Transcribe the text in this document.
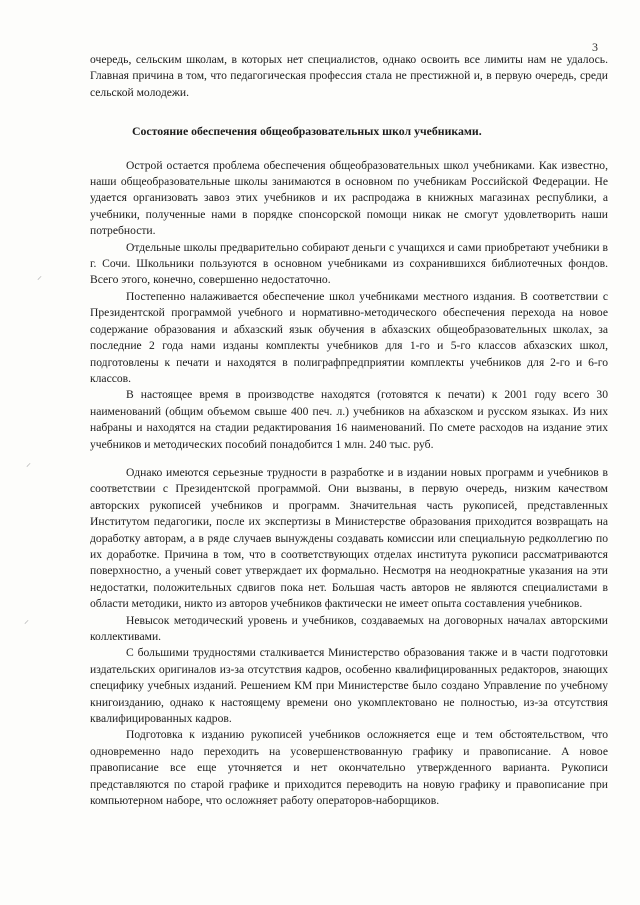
3

очередь, сельским школам, в которых нет специалистов, однако освоить все лимиты нам не удалось. Главная причина в том, что педагогическая профессия стала не престижной и, в первую очередь, среди сельской молодежи.

Состояние обеспечения общеобразовательных школ учебниками.

Острой остается проблема обеспечения общеобразовательных школ учебниками. Как известно, наши общеобразовательные школы занимаются в основном по учебникам Российской Федерации. Не удается организовать завоз этих учебников и их распродажа в книжных магазинах республики, а учебники, полученные нами в порядке спонсорской помощи никак не смогут удовлетворить наши потребности.

Отдельные школы предварительно собирают деньги с учащихся и сами приобретают учебники в г. Сочи. Школьники пользуются в основном учебниками из сохранившихся библиотечных фондов. Всего этого, конечно, совершенно недостаточно.

Постепенно налаживается обеспечение школ учебниками местного издания. В соответствии с Президентской программой учебного и нормативно-методического обеспечения перехода на новое содержание образования и абхазский язык обучения в абхазских общеобразовательных школах, за последние 2 года нами изданы комплекты учебников для 1-го и 5-го классов абхазских школ, подготовлены к печати и находятся в полиграфпредприятии комплекты учебников для 2-го и 6-го классов.

В настоящее время в производстве находятся (готовятся к печати) к 2001 году всего 30 наименований (общим объемом свыше 400 печ. л.) учебников на абхазском и русском языках. Из них набраны и находятся на стадии редактирования 16 наименований. По смете расходов на издание этих учебников и методических пособий понадобится 1 млн. 240 тыс. руб.

Однако имеются серьезные трудности в разработке и в издании новых программ и учебников в соответствии с Президентской программой. Они вызваны, в первую очередь, низким качеством авторских рукописей учебников и программ. Значительная часть рукописей, представленных Институтом педагогики, после их экспертизы в Министерстве образования приходится возвращать на доработку авторам, а в ряде случаев вынуждены создавать комиссии или специальную редколлегию по их доработке. Причина в том, что в соответствующих отделах института рукописи рассматриваются поверхностно, а ученый совет утверждает их формально. Несмотря на неоднократные указания на эти недостатки, положительных сдвигов пока нет. Большая часть авторов не являются специалистами в области методики, никто из авторов учебников фактически не имеет опыта составления учебников.

Невысок методический уровень и учебников, создаваемых на договорных началах авторскими коллективами.

С большими трудностями сталкивается Министерство образования также и в части подготовки издательских оригиналов из-за отсутствия кадров, особенно квалифицированных редакторов, знающих специфику учебных изданий. Решением КМ при Министерстве было создано Управление по учебному книгоизданию, однако к настоящему времени оно укомплектовано не полностью, из-за отсутствия квалифицированных кадров.

Подготовка к изданию рукописей учебников осложняется еще и тем обстоятельством, что одновременно надо переходить на усовершенствованную графику и правописание. А новое правописание все еще уточняется и нет окончательно утвержденного варианта. Рукописи представляются по старой графике и приходится переводить на новую графику и правописание при компьютерном наборе, что осложняет работу операторов-наборщиков.

⸝
⸝
⸝
